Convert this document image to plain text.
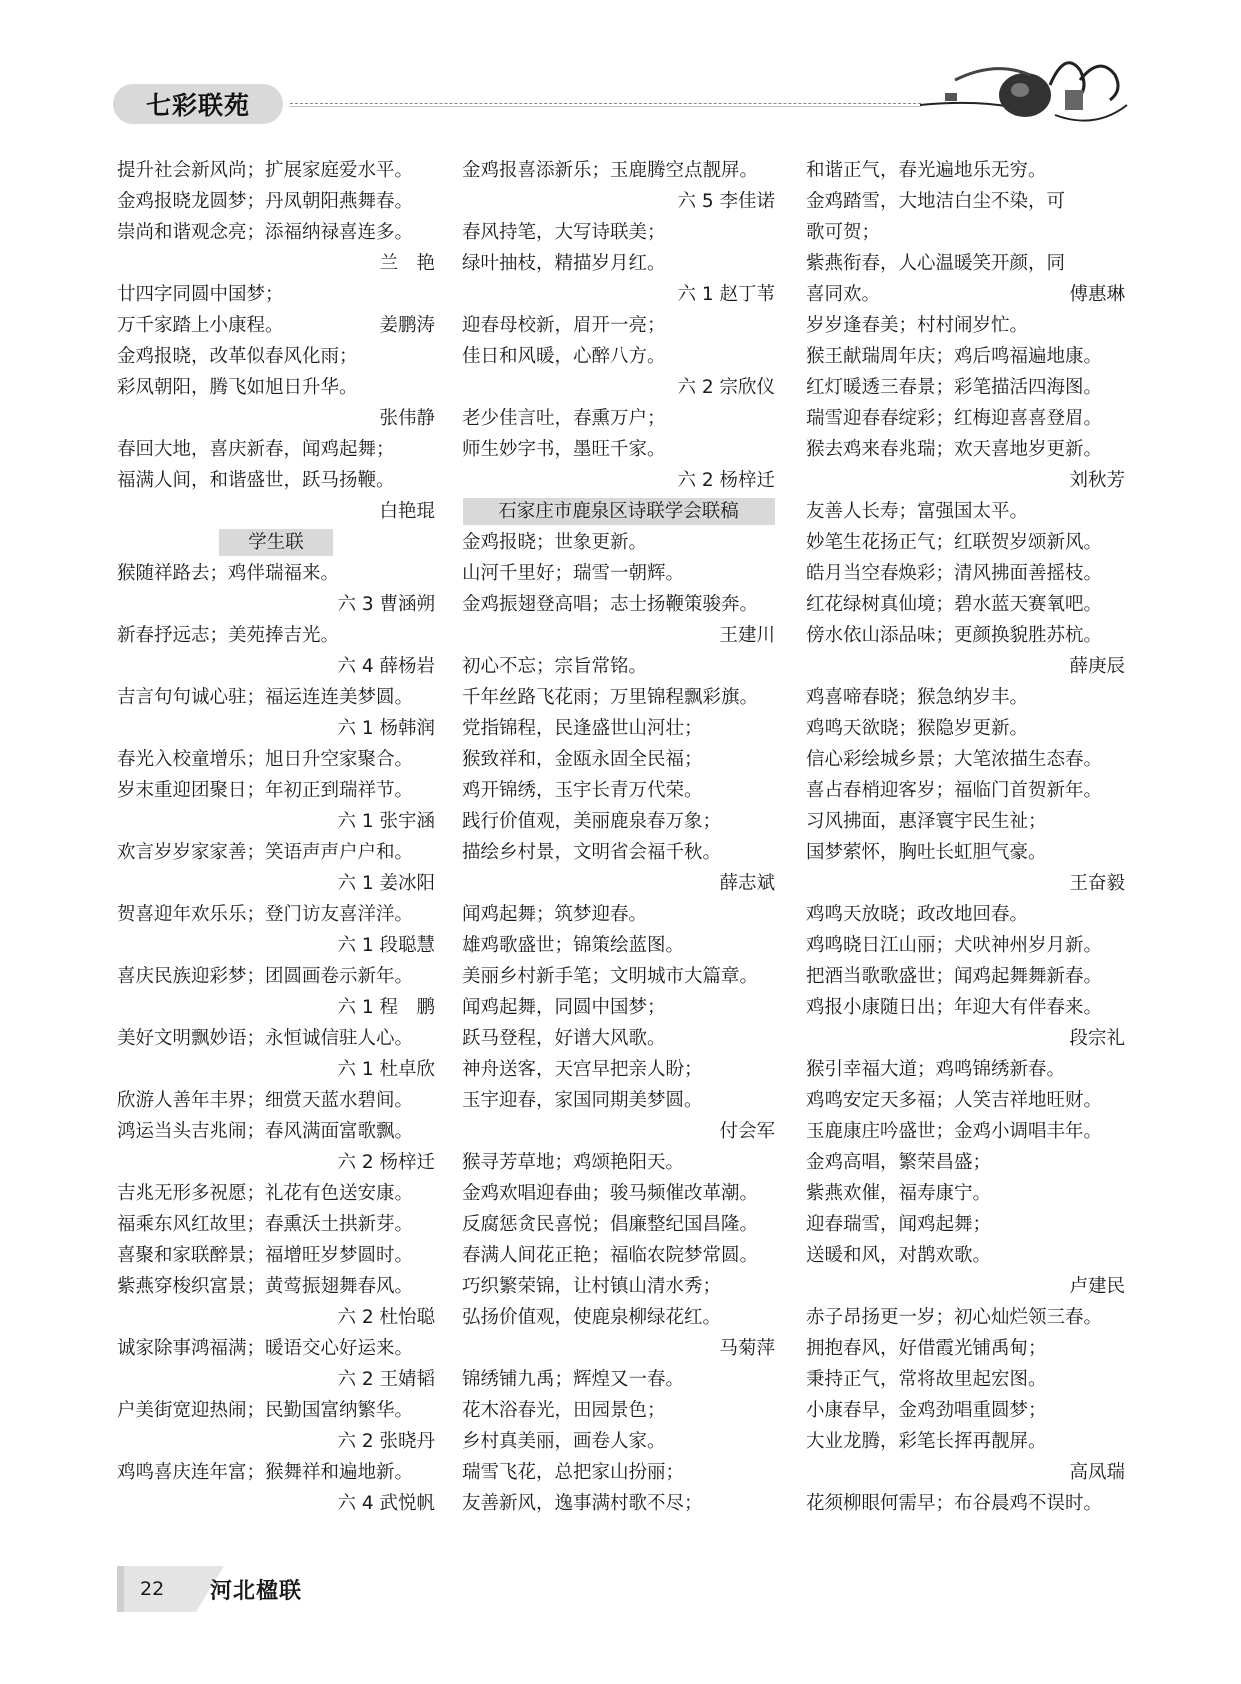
七彩联苑
提升社会新风尚；扩展家庭爱水平。
金鸡报晓龙圆梦；丹凤朝阳燕舞春。
崇尚和谐观念亮；添福纳禄喜连多。
兰　艳
廿四字同圆中国梦；
万千家踏上小康程。	姜鹏涛
金鸡报晓，改革似春风化雨；
彩凤朝阳，腾飞如旭日升华。
张伟静
春回大地，喜庆新春，闻鸡起舞；
福满人间，和谐盛世，跃马扬鞭。
白艳琨
学生联
猴随祥路去；鸡伴瑞福来。
六 3 曹涵朔
新春抒远志；美苑捧吉光。
六 4 薛杨岩
吉言句句诚心驻；福运连连美梦圆。
六 1 杨韩润
春光入校童增乐；旭日升空家聚合。
岁末重迎团聚日；年初正到瑞祥节。
六 1 张宇涵
欢言岁岁家家善；笑语声声户户和。
六 1 姜冰阳
贺喜迎年欢乐乐；登门访友喜洋洋。
六 1 段聪慧
喜庆民族迎彩梦；团圆画卷示新年。
六 1 程　鹏
美好文明飘妙语；永恒诚信驻人心。
六 1 杜卓欣
欣游人善年丰界；细赏天蓝水碧间。
鸿运当头吉兆闹；春风满面富歌飘。
六 2 杨梓迁
吉兆无形多祝愿；礼花有色送安康。
福乘东风红故里；春熏沃土拱新芽。
喜聚和家联醉景；福增旺岁梦圆时。
紫燕穿梭织富景；黄莺振翅舞春风。
六 2 杜怡聪
诚家除事鸿福满；暖语交心好运来。
六 2 王婧韬
户美街宽迎热闹；民勤国富纳繁华。
六 2 张晓丹
鸡鸣喜庆连年富；猴舞祥和遍地新。
六 4 武悦帆
金鸡报喜添新乐；玉鹿腾空点靓屏。
六 5 李佳诺
春风持笔，大写诗联美；
绿叶抽枝，精描岁月红。
六 1 赵丁苇
迎春母校新，眉开一亮；
佳日和风暖，心醉八方。
六 2 宗欣仪
老少佳言吐，春熏万户；
师生妙字书，墨旺千家。
六 2 杨梓迁
石家庄市鹿泉区诗联学会联稿
金鸡报晓；世象更新。
山河千里好；瑞雪一朝辉。
金鸡振翅登高唱；志士扬鞭策骏奔。
王建川
初心不忘；宗旨常铭。
千年丝路飞花雨；万里锦程飘彩旗。
党指锦程，民逢盛世山河壮；
猴致祥和，金瓯永固全民福；
鸡开锦绣，玉宇长青万代荣。
践行价值观，美丽鹿泉春万象；
描绘乡村景，文明省会福千秋。
薛志斌
闻鸡起舞；筑梦迎春。
雄鸡歌盛世；锦策绘蓝图。
美丽乡村新手笔；文明城市大篇章。
闻鸡起舞，同圆中国梦；
跃马登程，好谱大风歌。
神舟送客，天宫早把亲人盼；
玉宇迎春，家国同期美梦圆。
付会军
猴寻芳草地；鸡颂艳阳天。
金鸡欢唱迎春曲；骏马频催改革潮。
反腐惩贪民喜悦；倡廉整纪国昌隆。
春满人间花正艳；福临农院梦常圆。
巧织繁荣锦，让村镇山清水秀；
弘扬价值观，使鹿泉柳绿花红。
马菊萍
锦绣铺九禹；辉煌又一春。
花木浴春光，田园景色；
乡村真美丽，画卷人家。
瑞雪飞花，总把家山扮丽；
友善新风，逸事满村歌不尽；
和谐正气，春光遍地乐无穷。
金鸡踏雪，大地洁白尘不染，可
歌可贺；
紫燕衔春，人心温暖笑开颜，同
喜同欢。	傅惠琳
岁岁逢春美；村村闹岁忙。
猴王献瑞周年庆；鸡后鸣福遍地康。
红灯暖透三春景；彩笔描活四海图。
瑞雪迎春春绽彩；红梅迎喜喜登眉。
猴去鸡来春兆瑞；欢天喜地岁更新。
刘秋芳
友善人长寿；富强国太平。
妙笔生花扬正气；红联贺岁颂新风。
皓月当空春焕彩；清风拂面善摇枝。
红花绿树真仙境；碧水蓝天赛氧吧。
傍水依山添品味；更颜换貌胜苏杭。
薛庚辰
鸡喜啼春晓；猴急纳岁丰。
鸡鸣天欲晓；猴隐岁更新。
信心彩绘城乡景；大笔浓描生态春。
喜占春梢迎客岁；福临门首贺新年。
习风拂面，惠泽寰宇民生祉；
国梦萦怀，胸吐长虹胆气豪。
王奋毅
鸡鸣天放晓；政改地回春。
鸡鸣晓日江山丽；犬吠神州岁月新。
把酒当歌歌盛世；闻鸡起舞舞新春。
鸡报小康随日出；年迎大有伴春来。
段宗礼
猴引幸福大道；鸡鸣锦绣新春。
鸡鸣安定天多福；人笑吉祥地旺财。
玉鹿康庄吟盛世；金鸡小调唱丰年。
金鸡高唱，繁荣昌盛；
紫燕欢催，福寿康宁。
迎春瑞雪，闻鸡起舞；
送暖和风，对鹊欢歌。
卢建民
赤子昂扬更一岁；初心灿烂领三春。
拥抱春风，好借霞光铺禹甸；
秉持正气，常将故里起宏图。
小康春早，金鸡劲唱重圆梦；
大业龙腾，彩笔长挥再靓屏。
高凤瑞
花须柳眼何需早；布谷晨鸡不误时。
22 河北楹联
